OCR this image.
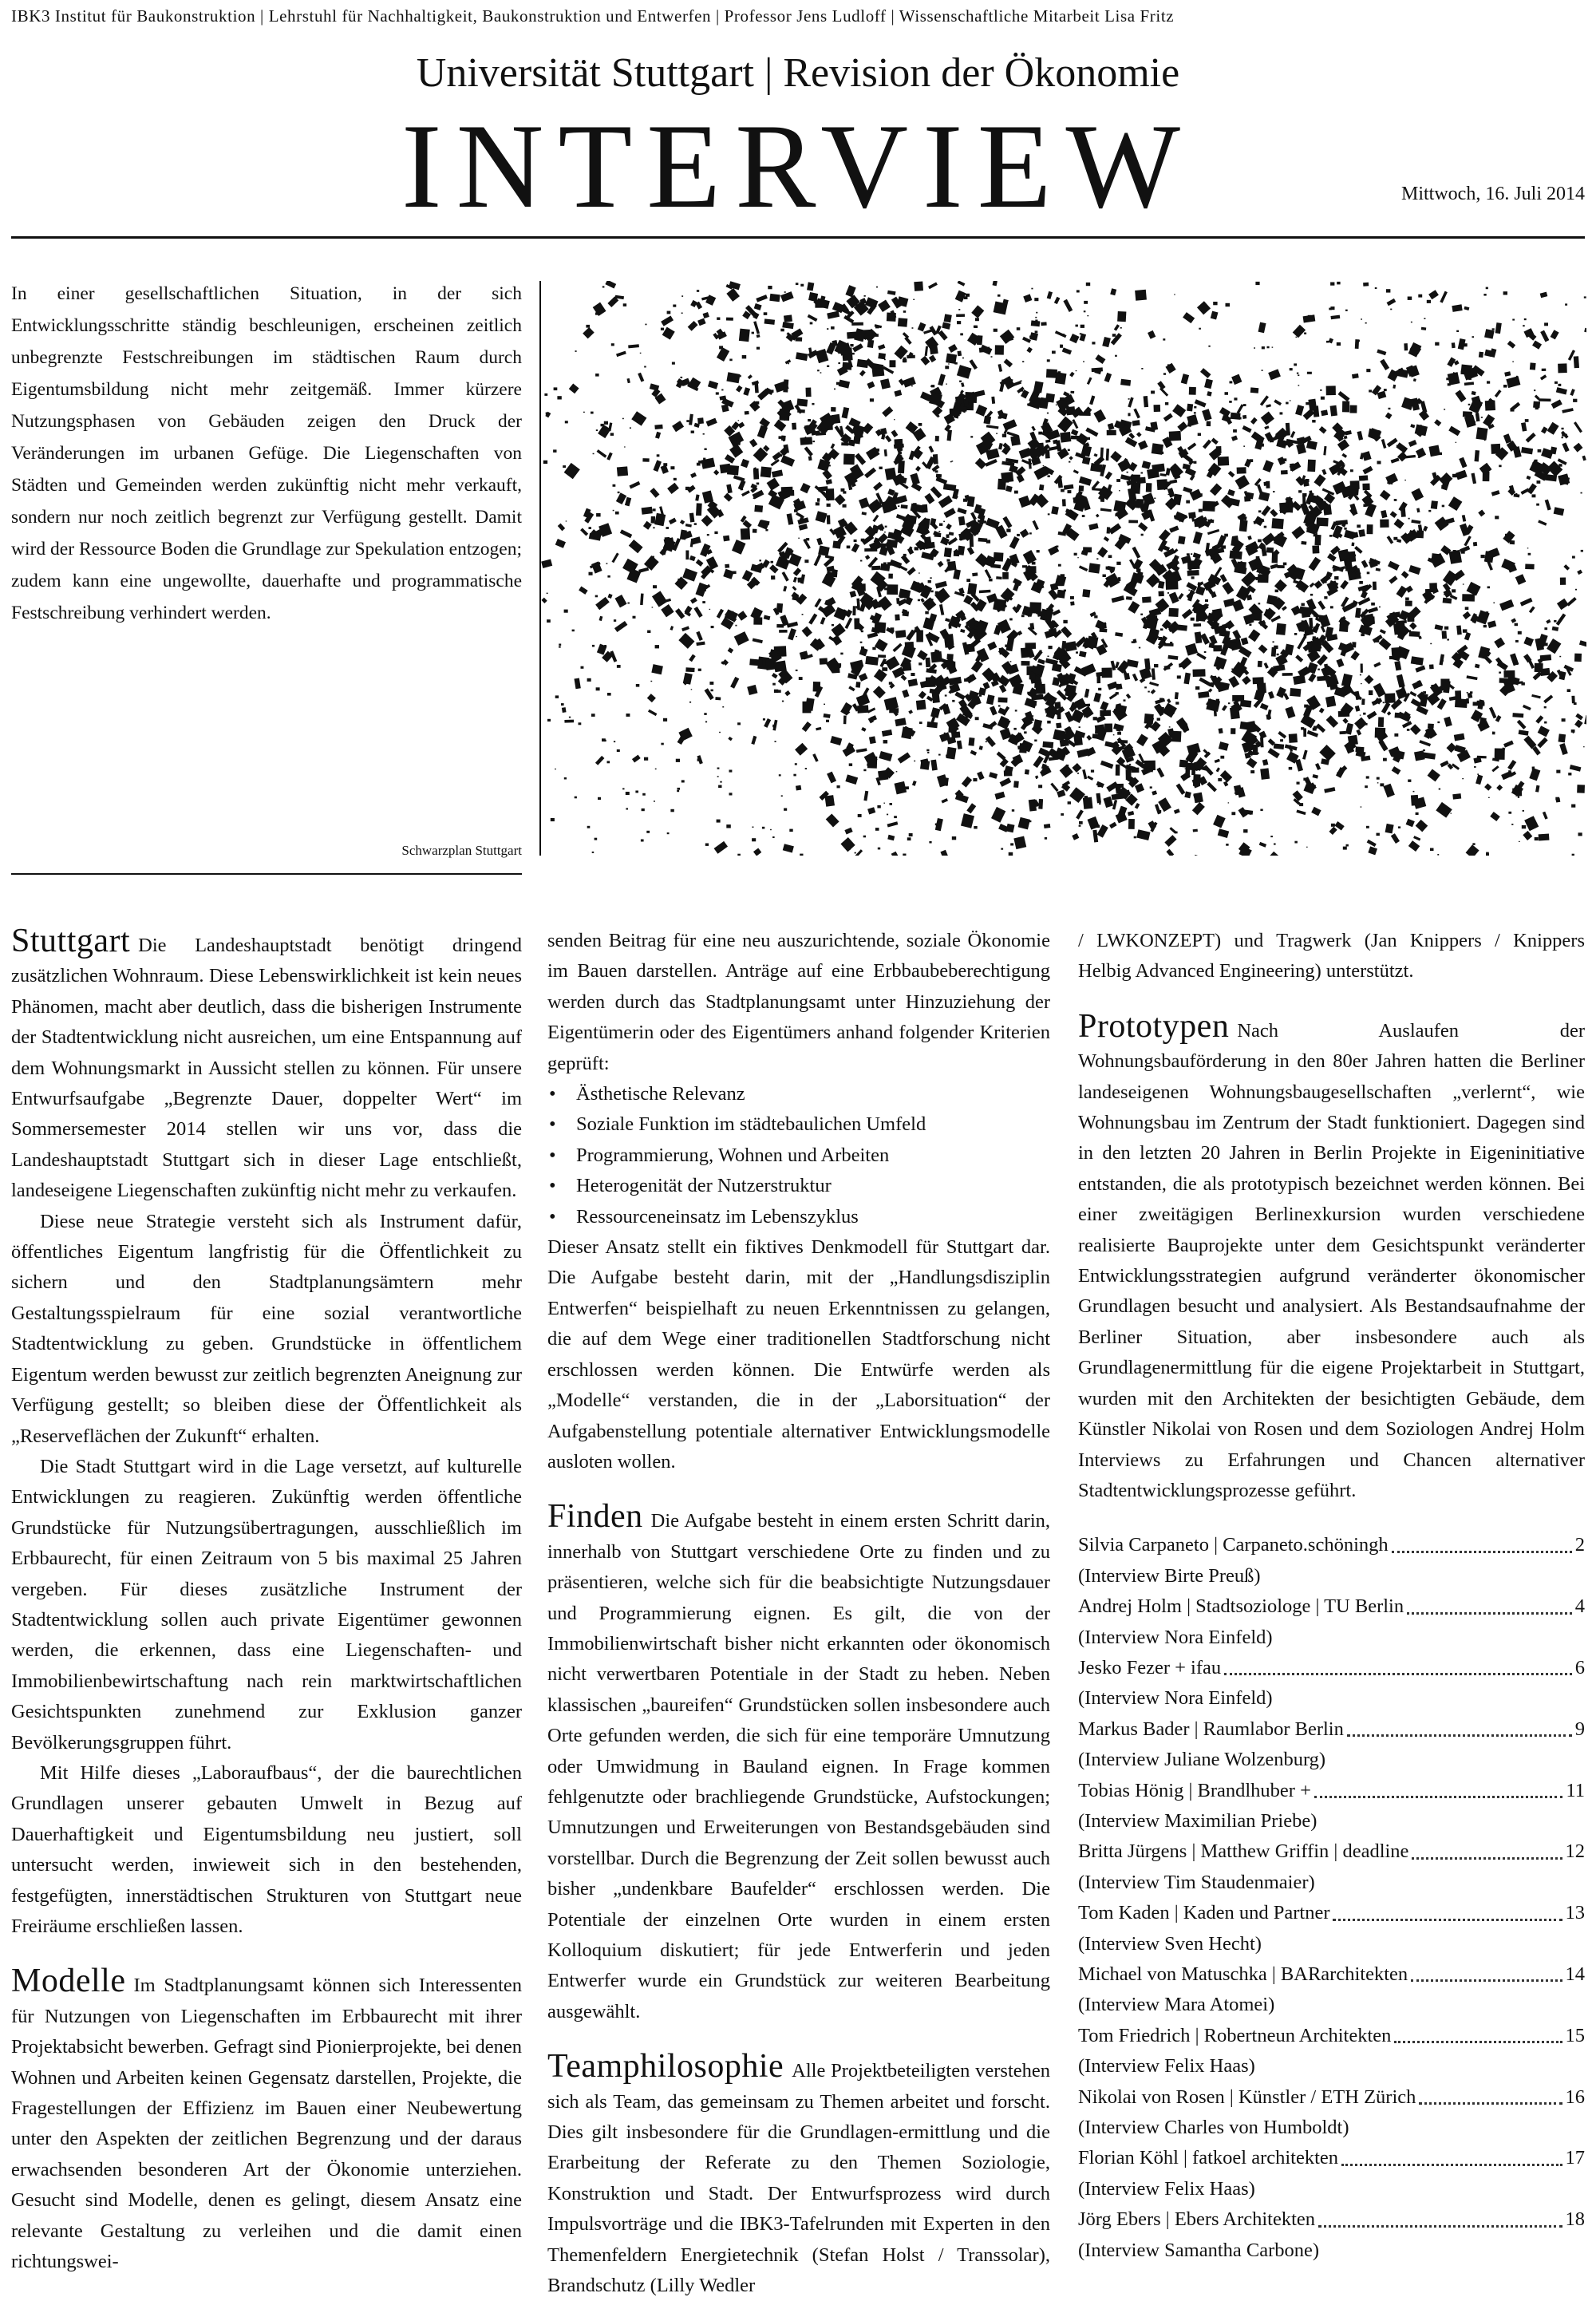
IBK3 Institut für Baukonstruktion | Lehrstuhl für Nachhaltigkeit, Baukonstruktion und Entwerfen | Professor Jens Ludloff | Wissenschaftliche Mitarbeit Lisa Fritz
Universität Stuttgart | Revision der Ökonomie
INTERVIEW	Mittwoch, 16. Juli 2014
In einer gesellschaftlichen Situation, in der sich Entwicklungsschritte ständig beschleunigen, erscheinen zeitlich unbegrenzte Festschreibungen im städtischen Raum durch Eigentumsbildung nicht mehr zeitgemäß. Immer kürzere Nutzungsphasen von Gebäuden zeigen den Druck der Veränderungen im urbanen Gefüge. Die Liegenschaften von Städten und Gemeinden werden zukünftig nicht mehr verkauft, sondern nur noch zeitlich begrenzt zur Verfügung gestellt. Damit wird der Ressource Boden die Grundlage zur Spekulation entzogen; zudem kann eine ungewollte, dauerhafte und programmatische Festschreibung verhindert werden.
Schwarzplan Stuttgart

Stuttgart Die Landeshauptstadt benötigt dringend zusätzlichen Wohnraum. Diese Lebenswirklichkeit ist kein neues Phänomen, macht aber deutlich, dass die bisherigen Instrumente der Stadtentwicklung nicht ausreichen, um eine Entspannung auf dem Wohnungsmarkt in Aussicht stellen zu können. Für unsere Entwurfsaufgabe „Begrenzte Dauer, doppelter Wert“ im Sommersemester 2014 stellen wir uns vor, dass die Landeshauptstadt Stuttgart sich in dieser Lage entschließt, landeseigene Liegenschaften zukünftig nicht mehr zu verkaufen.

Diese neue Strategie versteht sich als Instrument dafür, öffentliches Eigentum langfristig für die Öffentlichkeit zu sichern und den Stadtplanungsämtern mehr Gestaltungsspielraum für eine sozial verantwortliche Stadtentwicklung zu geben. Grundstücke in öffentlichem Eigentum werden bewusst zur zeitlich begrenzten Aneignung zur Verfügung gestellt; so bleiben diese der Öffentlichkeit als „Reserveflächen der Zukunft“ erhalten.

Die Stadt Stuttgart wird in die Lage versetzt, auf kulturelle Entwicklungen zu reagieren. Zukünftig werden öffentliche Grundstücke für Nutzungsübertragungen, ausschließlich im Erbbaurecht, für einen Zeitraum von 5 bis maximal 25 Jahren vergeben. Für dieses zusätzliche Instrument der Stadtentwicklung sollen auch private Eigentümer gewonnen werden, die erkennen, dass eine Liegenschaften- und Immobilienbewirtschaftung nach rein marktwirtschaftlichen Gesichtspunkten zunehmend zur Exklusion ganzer Bevölkerungsgruppen führt.

Mit Hilfe dieses „Laboraufbaus“, der die baurechtlichen Grundlagen unserer gebauten Umwelt in Bezug auf Dauerhaftigkeit und Eigentumsbildung neu justiert, soll untersucht werden, inwieweit sich in den bestehenden, festgefügten, innerstädtischen Strukturen von Stuttgart neue Freiräume erschließen lassen.

Modelle Im Stadtplanungsamt können sich Interessenten für Nutzungen von Liegenschaften im Erbbaurecht mit ihrer Projektabsicht bewerben. Gefragt sind Pionierprojekte, bei denen Wohnen und Arbeiten keinen Gegensatz darstellen, Projekte, die Fragestellungen der Effizienz im Bauen einer Neubewertung unter den Aspekten der zeitlichen Begrenzung und der daraus erwachsenden besonderen Art der Ökonomie unterziehen. Gesucht sind Modelle, denen es gelingt, diesem Ansatz eine relevante Gestaltung zu verleihen und die damit einen richtungswei-

senden Beitrag für eine neu auszurichtende, soziale Ökonomie im Bauen darstellen. Anträge auf eine Erbbaubeberechtigung werden durch das Stadtplanungsamt unter Hinzuziehung der Eigentümerin oder des Eigentümers anhand folgender Kriterien geprüft:

• Ästhetische Relevanz
• Soziale Funktion im städtebaulichen Umfeld
• Programmierung, Wohnen und Arbeiten
• Heterogenität der Nutzerstruktur
• Ressourceneinsatz im Lebenszyklus

Dieser Ansatz stellt ein fiktives Denkmodell für Stuttgart dar. Die Aufgabe besteht darin, mit der „Handlungsdisziplin Entwerfen“ beispielhaft zu neuen Erkenntnissen zu gelangen, die auf dem Wege einer traditionellen Stadtforschung nicht erschlossen werden können. Die Entwürfe werden als „Modelle“ verstanden, die in der „Laborsituation“ der Aufgabenstellung potentiale alternativer Entwicklungsmodelle ausloten wollen.

Finden Die Aufgabe besteht in einem ersten Schritt darin, innerhalb von Stuttgart verschiedene Orte zu finden und zu präsentieren, welche sich für die beabsichtigte Nutzungsdauer und Programmierung eignen. Es gilt, die von der Immobilienwirtschaft bisher nicht erkannten oder ökonomisch nicht verwertbaren Potentiale in der Stadt zu heben. Neben klassischen „baureifen“ Grundstücken sollen insbesondere auch Orte gefunden werden, die sich für eine temporäre Umnutzung oder Umwidmung in Bauland eignen. In Frage kommen fehlgenutzte oder brachliegende Grundstücke, Aufstockungen; Umnutzungen und Erweiterungen von Bestandsgebäuden sind vorstellbar. Durch die Begrenzung der Zeit sollen bewusst auch bisher „undenkbare Baufelder“ erschlossen werden. Die Potentiale der einzelnen Orte wurden in einem ersten Kolloquium diskutiert; für jede Entwerferin und jeden Entwerfer wurde ein Grundstück zur weiteren Bearbeitung ausgewählt.

Teamphilosophie Alle Projektbeteiligten verstehen sich als Team, das gemeinsam zu Themen arbeitet und forscht. Dies gilt insbesondere für die Grundlagen-ermittlung und die Erarbeitung der Referate zu den Themen Soziologie, Konstruktion und Stadt. Der Entwurfsprozess wird durch Impulsvorträge und die IBK3-Tafelrunden mit Experten in den Themenfeldern Energietechnik (Stefan Holst / Transsolar), Brandschutz (Lilly Wedler

/ LWKONZEPT) und Tragwerk (Jan Knippers / Knippers Helbig Advanced Engineering) unterstützt.

Prototypen Nach Auslaufen der Wohnungsbauförderung in den 80er Jahren hatten die Berliner landeseigenen Wohnungsbaugesellschaften „verlernt“, wie Wohnungsbau im Zentrum der Stadt funktioniert. Dagegen sind in den letzten 20 Jahren in Berlin Projekte in Eigeninitiative entstanden, die als prototypisch bezeichnet werden können. Bei einer zweitägigen Berlinexkursion wurden verschiedene realisierte Bauprojekte unter dem Gesichtspunkt veränderter Entwicklungsstrategien aufgrund veränderter ökonomischer Grundlagen besucht und analysiert. Als Bestandsaufnahme der Berliner Situation, aber insbesondere auch als Grundlagenermittlung für die eigene Projektarbeit in Stuttgart, wurden mit den Architekten der besichtigten Gebäude, dem Künstler Nikolai von Rosen und dem Soziologen Andrej Holm Interviews zu Erfahrungen und Chancen alternativer Stadtentwicklungsprozesse geführt.

Silvia Carpaneto | Carpaneto.schöningh	2
(Interview Birte Preuß)
Andrej Holm | Stadtsoziologe | TU Berlin	4
(Interview Nora Einfeld)
Jesko Fezer + ifau	6
(Interview Nora Einfeld)
Markus Bader | Raumlabor Berlin	9
(Interview Juliane Wolzenburg)
Tobias Hönig | Brandlhuber +	11
(Interview Maximilian Priebe)
Britta Jürgens | Matthew Griffin | deadline	12
(Interview Tim Staudenmaier)
Tom Kaden | Kaden und Partner	13
(Interview Sven Hecht)
Michael von Matuschka | BARarchitekten	14
(Interview Mara Atomei)
Tom Friedrich | Robertneun Architekten	15
(Interview Felix Haas)
Nikolai von Rosen | Künstler / ETH Zürich	16
(Interview Charles von Humboldt)
Florian Köhl | fatkoel architekten	17
(Interview Felix Haas)
Jörg Ebers | Ebers Architekten	18
(Interview Samantha Carbone)
